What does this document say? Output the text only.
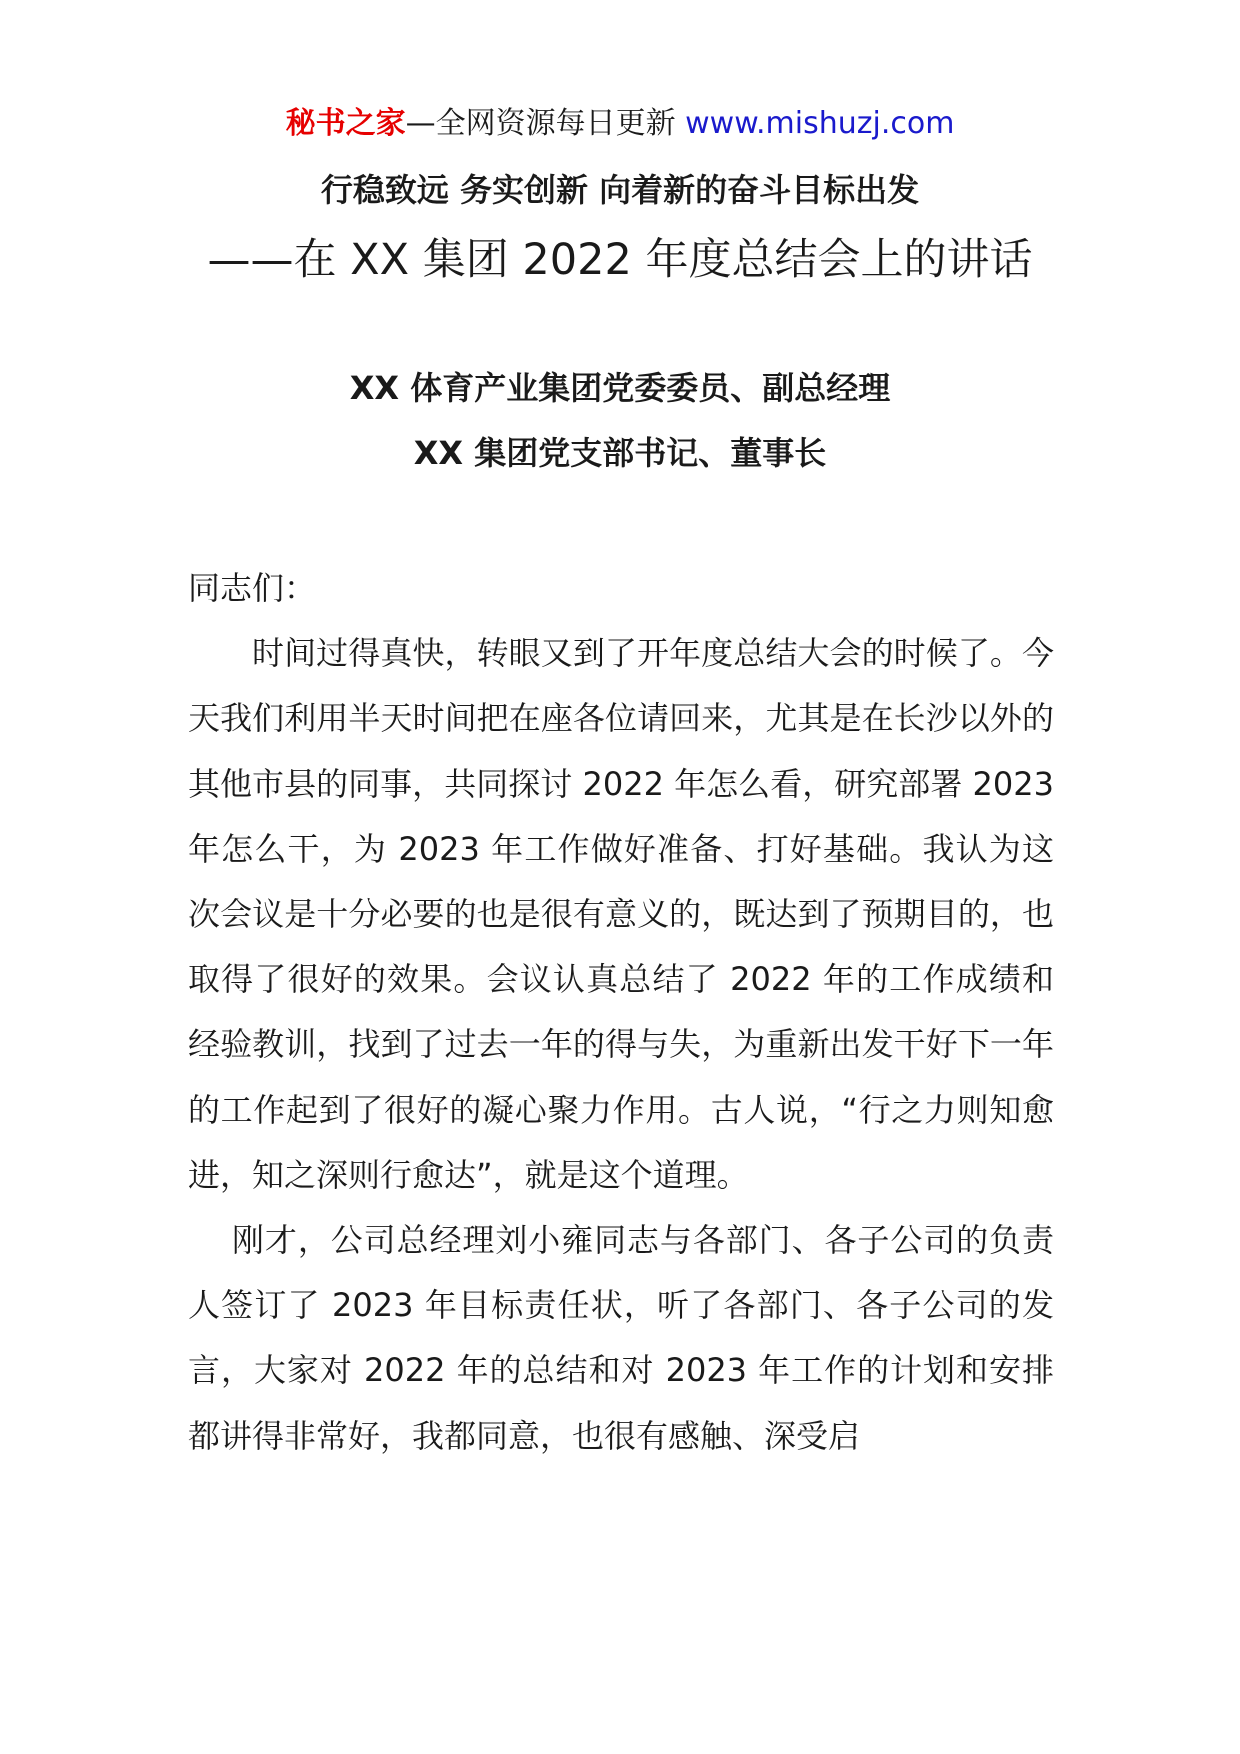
秘书之家—全网资源每日更新 www.mishuzj.com
行稳致远 务实创新 向着新的奋斗目标出发
——在 XX 集团 2022 年度总结会上的讲话
XX 体育产业集团党委委员、副总经理
XX 集团党支部书记、董事长

同志们：

时间过得真快，转眼又到了开年度总结大会的时候了。今天我们利用半天时间把在座各位请回来，尤其是在长沙以外的其他市县的同事，共同探讨 2022 年怎么看，研究部署 2023 年怎么干，为 2023 年工作做好准备、打好基础。我认为这次会议是十分必要的也是很有意义的，既达到了预期目的，也取得了很好的效果。会议认真总结了 2022 年的工作成绩和经验教训，找到了过去一年的得与失，为重新出发干好下一年的工作起到了很好的凝心聚力作用。古人说，“行之力则知愈进，知之深则行愈达”，就是这个道理。

刚才，公司总经理刘小雍同志与各部门、各子公司的负责人签订了 2023 年目标责任状，听了各部门、各子公司的发言，大家对 2022 年的总结和对 2023 年工作的计划和安排都讲得非常好，我都同意，也很有感触、深受启
